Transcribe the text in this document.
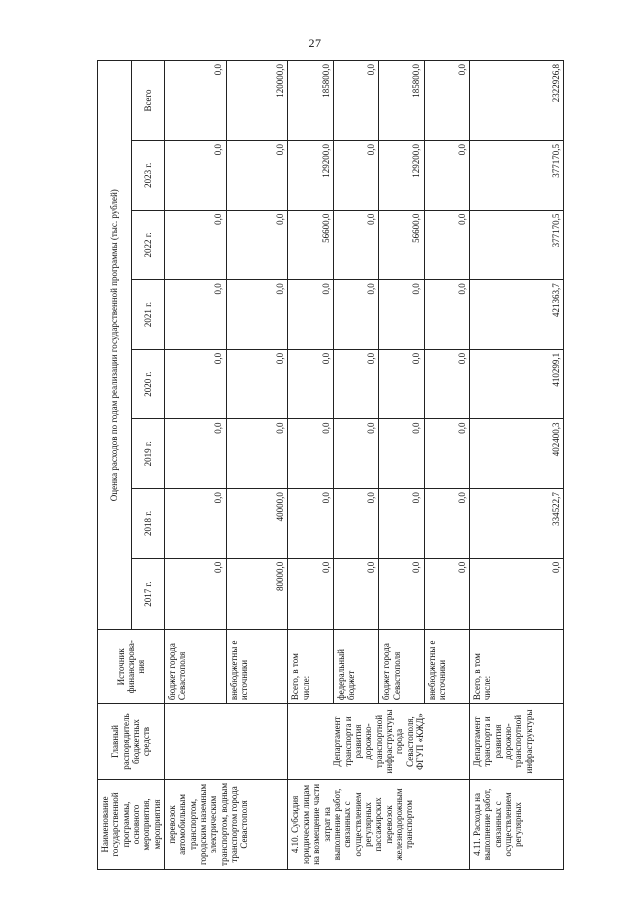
27
Наименование государственной программы, основного мероприятия, мероприятия	Главный распорядитель бюджетных средств	Источник финансирова-ния	Оценка расходов по годам реализации государственной программы (тыс. рублей)							
			2017 г.	2018 г.	2019 г.	2020 г.	2021 г.	2022 г.	2023 г.	Всего
перевозок автомобильным транспортом, городским наземным электрическим транспортом, водным транспортом города Севастополя		бюджет города Севастополя	0,0	0,0	0,0	0,0	0,0	0,0	0,0	0,0
		внебюджетны е источники	80000,0	40000,0	0,0	0,0	0,0	0,0	0,0	120000,0
4.10. Субсидия юридическим лицам на возмещение части затрат на выполнение работ, связанных с осуществлением регулярных пассажирских перевозок железнодорожным транспортом	Департамент транспорта и развития дорожно-транспортной инфраструктуры города Севастополя, ФГУП «КЖД»	Всего, в том числе:	0,0	0,0	0,0	0,0	0,0	56600,0	129200,0	185800,0
		федеральный бюджет	0,0	0,0	0,0	0,0	0,0	0,0	0,0	0,0
		бюджет города Севастополя	0,0	0,0	0,0	0,0	0,0	56600,0	129200,0	185800,0
		внебюджетны е источники	0,0	0,0	0,0	0,0	0,0	0,0	0,0	0,0
4.11. Расходы на выполнение работ, связанных с осуществлением регулярных	Департамент транспорта и развития дорожно-транспортной инфраструктуры	Всего, в том числе:	0,0	334522,7	402400,3	410299,1	421363,7	377170,5	377170,5	2322926,8
